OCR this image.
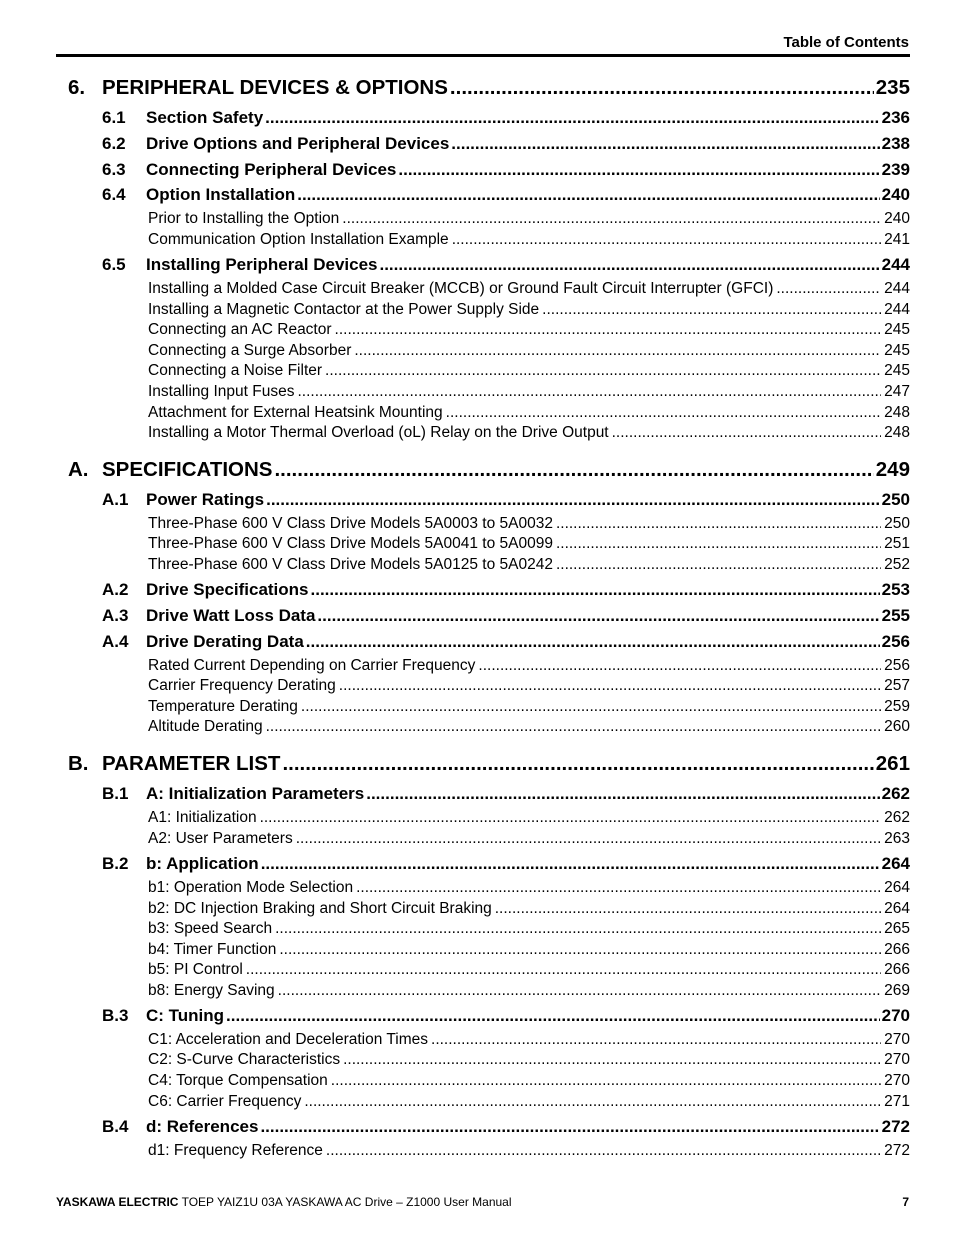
Table of Contents
6. PERIPHERAL DEVICES & OPTIONS .....	235
6.1 Section Safety .....	236
6.2 Drive Options and Peripheral Devices .....	238
6.3 Connecting Peripheral Devices .....	239
6.4 Option Installation .....	240
Prior to Installing the Option .....	240
Communication Option Installation Example .....	241
6.5 Installing Peripheral Devices .....	244
Installing a Molded Case Circuit Breaker (MCCB) or Ground Fault Circuit Interrupter (GFCI) .....	244
Installing a Magnetic Contactor at the Power Supply Side .....	244
Connecting an AC Reactor .....	245
Connecting a Surge Absorber .....	245
Connecting a Noise Filter .....	245
Installing Input Fuses .....	247
Attachment for External Heatsink Mounting .....	248
Installing a Motor Thermal Overload (oL) Relay on the Drive Output .....	248
A. SPECIFICATIONS .....	249
A.1 Power Ratings .....	250
Three-Phase 600 V Class Drive Models 5A0003 to 5A0032 .....	250
Three-Phase 600 V Class Drive Models 5A0041 to 5A0099 .....	251
Three-Phase 600 V Class Drive Models 5A0125 to 5A0242 .....	252
A.2 Drive Specifications .....	253
A.3 Drive Watt Loss Data .....	255
A.4 Drive Derating Data .....	256
Rated Current Depending on Carrier Frequency .....	256
Carrier Frequency Derating .....	257
Temperature Derating .....	259
Altitude Derating .....	260
B. PARAMETER LIST .....	261
B.1 A: Initialization Parameters .....	262
A1: Initialization .....	262
A2: User Parameters .....	263
B.2 b: Application .....	264
b1: Operation Mode Selection .....	264
b2: DC Injection Braking and Short Circuit Braking .....	264
b3: Speed Search .....	265
b4: Timer Function .....	266
b5: PI Control .....	266
b8: Energy Saving .....	269
B.3 C: Tuning .....	270
C1: Acceleration and Deceleration Times .....	270
C2: S-Curve Characteristics .....	270
C4: Torque Compensation .....	270
C6: Carrier Frequency .....	271
B.4 d: References .....	272
d1: Frequency Reference .....	272
YASKAWA ELECTRIC TOEP YAIZ1U 03A YASKAWA AC Drive – Z1000 User Manual	7
